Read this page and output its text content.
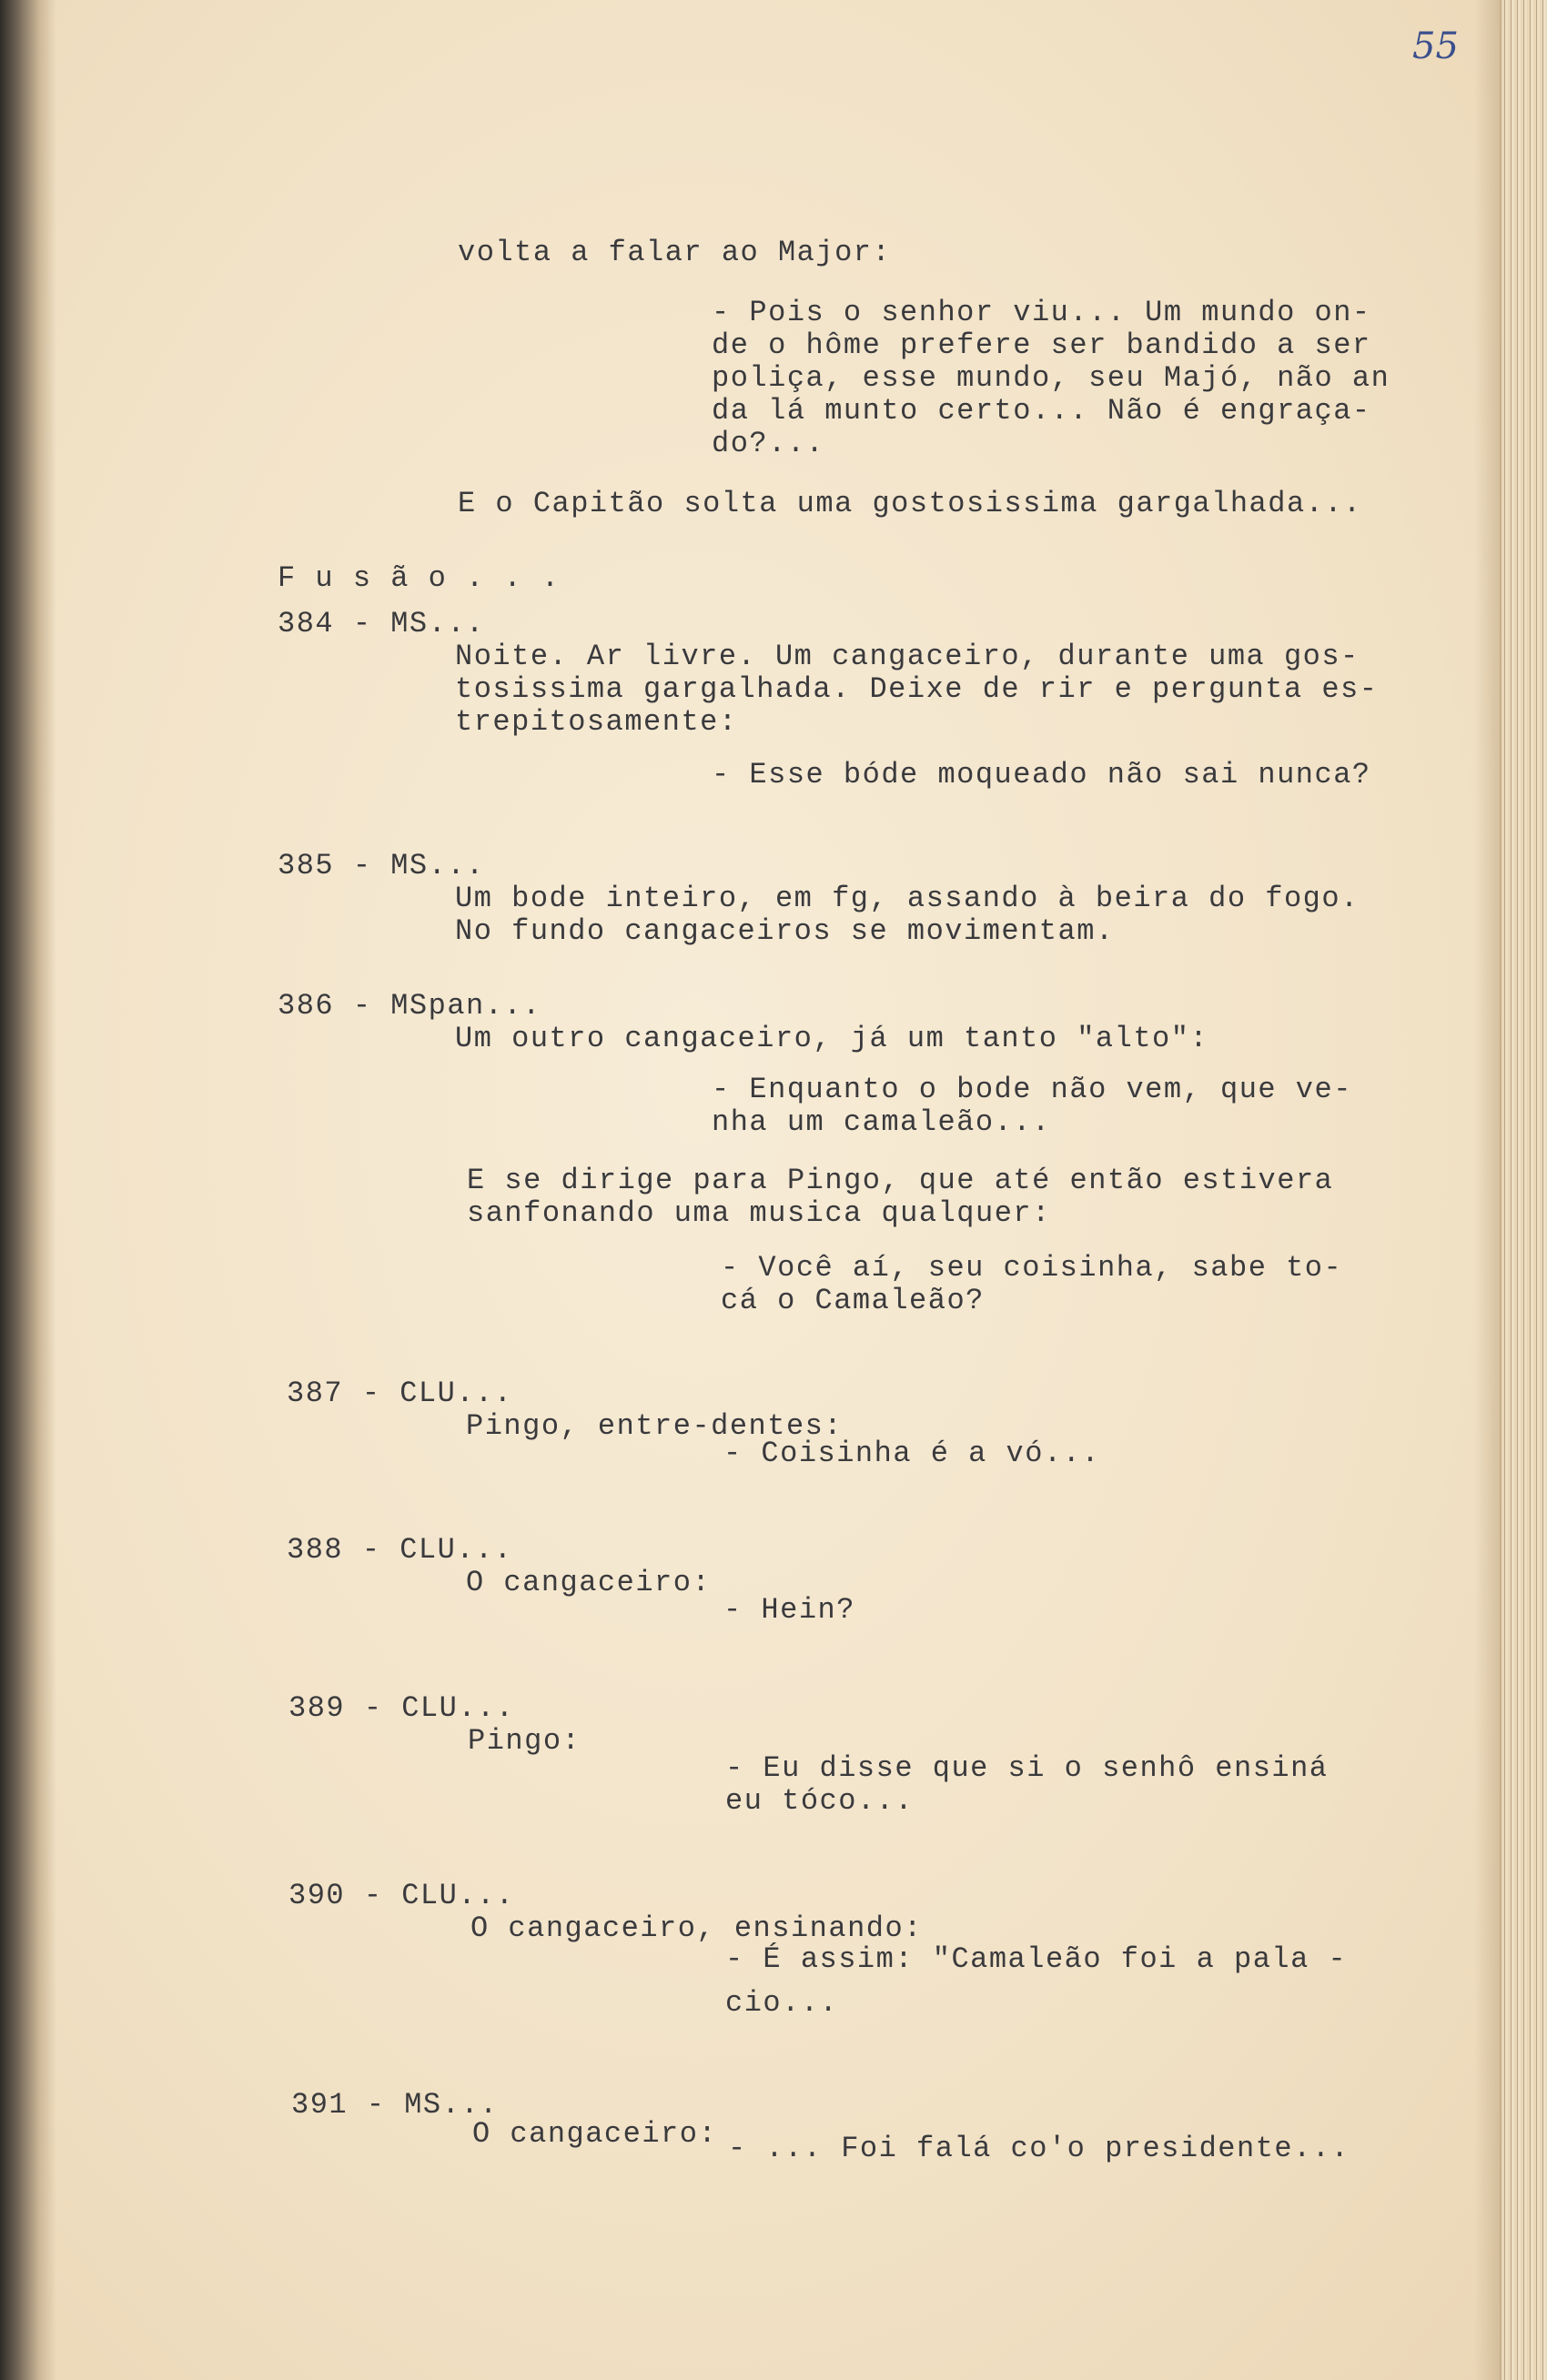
55
volta a falar ao Major:
- Pois o senhor viu... Um mundo on-
de o hôme prefere ser bandido a ser
poliça, esse mundo, seu Majó, não an
da lá munto certo... Não é engraça-
do?...
E o Capitão solta uma gostosissima gargalhada...
F u s ã o . . .
384 - MS...
Noite. Ar livre. Um cangaceiro, durante uma gos-
tosissima gargalhada. Deixe de rir e pergunta es-
trepitosamente:
- Esse bóde moqueado não sai nunca?
385 - MS...
Um bode inteiro, em fg, assando à beira do fogo.
No fundo cangaceiros se movimentam.
386 - MSpan...
Um outro cangaceiro, já um tanto "alto":
- Enquanto o bode não vem, que ve-
nha um camaleão...
E se dirige para Pingo, que até então estivera
sanfonando uma musica qualquer:
- Você aí, seu coisinha, sabe to-
cá o Camaleão?
387 - CLU...
Pingo, entre-dentes:
- Coisinha é a vó...
388 - CLU...
O cangaceiro:
- Hein?
389 - CLU...
Pingo:
- Eu disse que si o senhô ensiná
eu tóco...
390 - CLU...
O cangaceiro, ensinando:
- É assim: "Camaleão foi a pala -
cio...
391 - MS...
O cangaceiro: - ... Foi falá co'o presidente...
